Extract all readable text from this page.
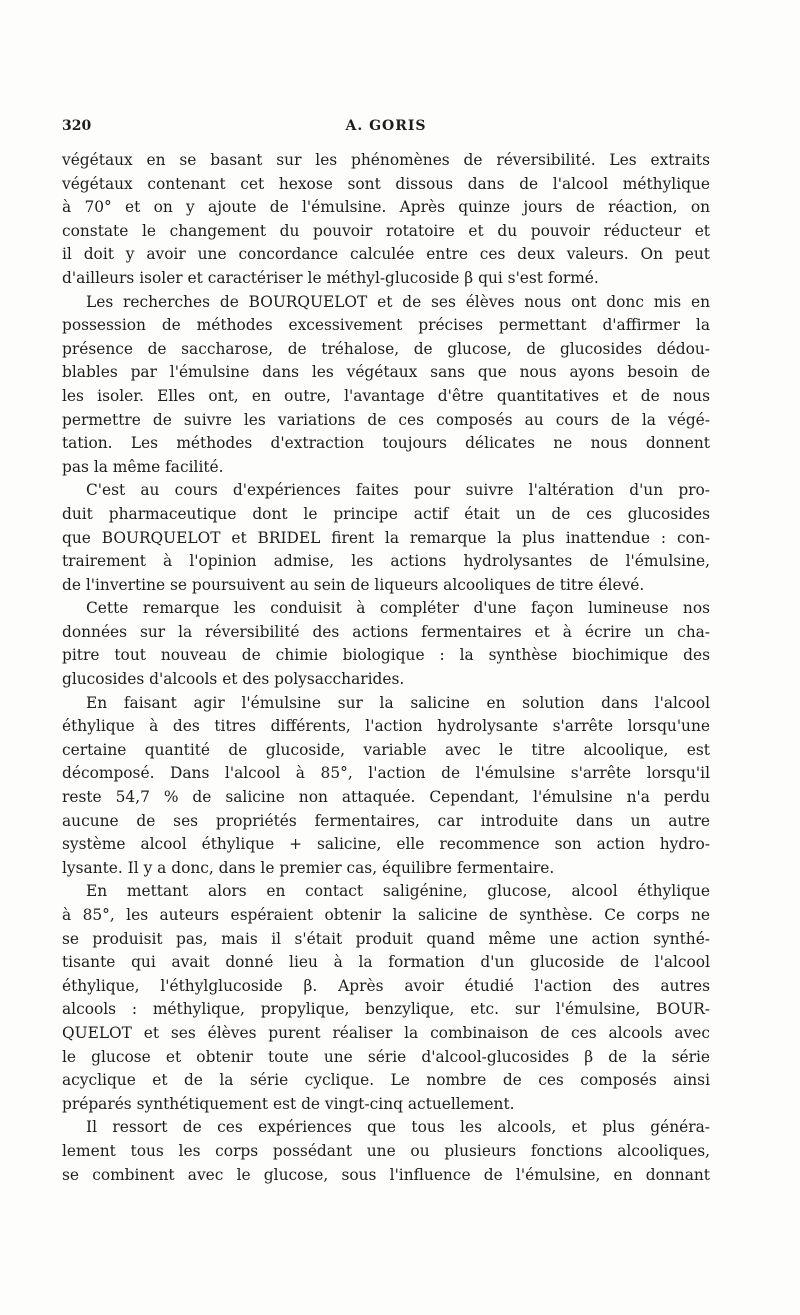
320	A. GORIS
végétaux en se basant sur les phénomènes de réversibilité. Les extraits
végétaux contenant cet hexose sont dissous dans de l'alcool méthylique
à 70° et on y ajoute de l'émulsine. Après quinze jours de réaction, on
constate le changement du pouvoir rotatoire et du pouvoir réducteur et
il doit y avoir une concordance calculée entre ces deux valeurs. On peut
d'ailleurs isoler et caractériser le méthyl-glucoside β qui s'est formé.
Les recherches de BOURQUELOT et de ses élèves nous ont donc mis en
possession de méthodes excessivement précises permettant d'affirmer la
présence de saccharose, de tréhalose, de glucose, de glucosides dédou-
blables par l'émulsine dans les végétaux sans que nous ayons besoin de
les isoler. Elles ont, en outre, l'avantage d'être quantitatives et de nous
permettre de suivre les variations de ces composés au cours de la végé-
tation. Les méthodes d'extraction toujours délicates ne nous donnent
pas la même facilité.
C'est au cours d'expériences faites pour suivre l'altération d'un pro-
duit pharmaceutique dont le principe actif était un de ces glucosides
que BOURQUELOT et BRIDEL firent la remarque la plus inattendue : con-
trairement à l'opinion admise, les actions hydrolysantes de l'émulsine,
de l'invertine se poursuivent au sein de liqueurs alcooliques de titre élevé.
Cette remarque les conduisit à compléter d'une façon lumineuse nos
données sur la réversibilité des actions fermentaires et à écrire un cha-
pitre tout nouveau de chimie biologique : la synthèse biochimique des
glucosides d'alcools et des polysaccharides.
En faisant agir l'émulsine sur la salicine en solution dans l'alcool
éthylique à des titres différents, l'action hydrolysante s'arrête lorsqu'une
certaine quantité de glucoside, variable avec le titre alcoolique, est
décomposé. Dans l'alcool à 85°, l'action de l'émulsine s'arrête lorsqu'il
reste 54,7 % de salicine non attaquée. Cependant, l'émulsine n'a perdu
aucune de ses propriétés fermentaires, car introduite dans un autre
système alcool éthylique + salicine, elle recommence son action hydro-
lysante. Il y a donc, dans le premier cas, équilibre fermentaire.
En mettant alors en contact saligénine, glucose, alcool éthylique
à 85°, les auteurs espéraient obtenir la salicine de synthèse. Ce corps ne
se produisit pas, mais il s'était produit quand même une action synthé-
tisante qui avait donné lieu à la formation d'un glucoside de l'alcool
éthylique, l'éthylglucoside β. Après avoir étudié l'action des autres
alcools : méthylique, propylique, benzylique, etc. sur l'émulsine, BOUR-
QUELOT et ses élèves purent réaliser la combinaison de ces alcools avec
le glucose et obtenir toute une série d'alcool-glucosides β de la série
acyclique et de la série cyclique. Le nombre de ces composés ainsi
préparés synthétiquement est de vingt-cinq actuellement.
Il ressort de ces expériences que tous les alcools, et plus généra-
lement tous les corps possédant une ou plusieurs fonctions alcooliques,
se combinent avec le glucose, sous l'influence de l'émulsine, en donnant
